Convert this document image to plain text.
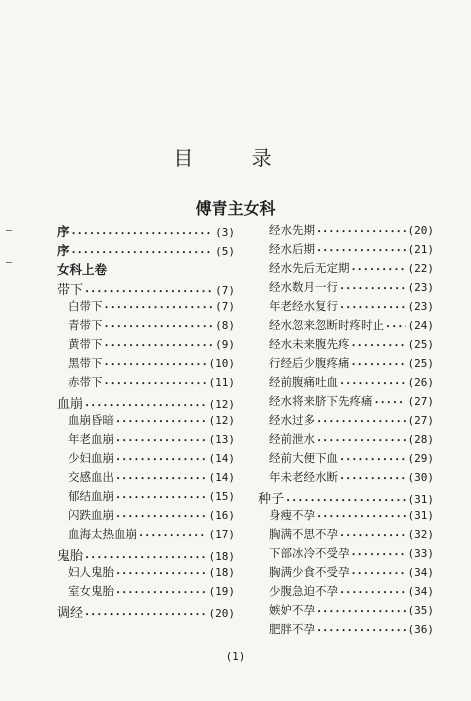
目 录
傅青主女科
序 •••••	(3)
序 •••••	(5)
女科上卷
带下 •••••	(7)
白带下 •••••	(7)
青带下 •••••	(8)
黄带下 •••••	(9)
黑带下 •••••	(10)
赤带下 •••••	(11)
血崩 •••••	(12)
血崩昏暗 •••••	(12)
年老血崩 •••••	(13)
少妇血崩 •••••	(14)
交感血出 •••••	(14)
郁结血崩 •••••	(15)
闪跌血崩 •••••	(16)
血海太热血崩 •••••	(17)
鬼胎 •••••	(18)
妇人鬼胎 •••••	(18)
室女鬼胎 •••••	(19)
调经 •••••	(20)
经水先期 •••••	(20)
经水后期 •••••	(21)
经水先后无定期 •••••	(22)
经水数月一行 •••••	(23)
年老经水复行 •••••	(23)
经水忽来忽断时疼时止 ••••• (24)
经水未来腹先疼 •••••	(25)
行经后少腹疼痛 •••••	(25)
经前腹痛吐血 •••••	(26)
经水将来脐下先疼痛 •••••	(27)
经水过多 •••••	(27)
经前泄水 •••••	(28)
经前大便下血 •••••	(29)
年未老经水断 •••••	(30)
种子 •••••	(31)
身瘦不孕 •••••	(31)
胸满不思不孕 •••••	(32)
下部冰冷不受孕 •••••	(33)
胸满少食不受孕 •••••	(34)
少腹急迫不孕 •••••	(34)
嫉妒不孕 •••••	(35)
肥胖不孕 •••••	(36)
(1)
